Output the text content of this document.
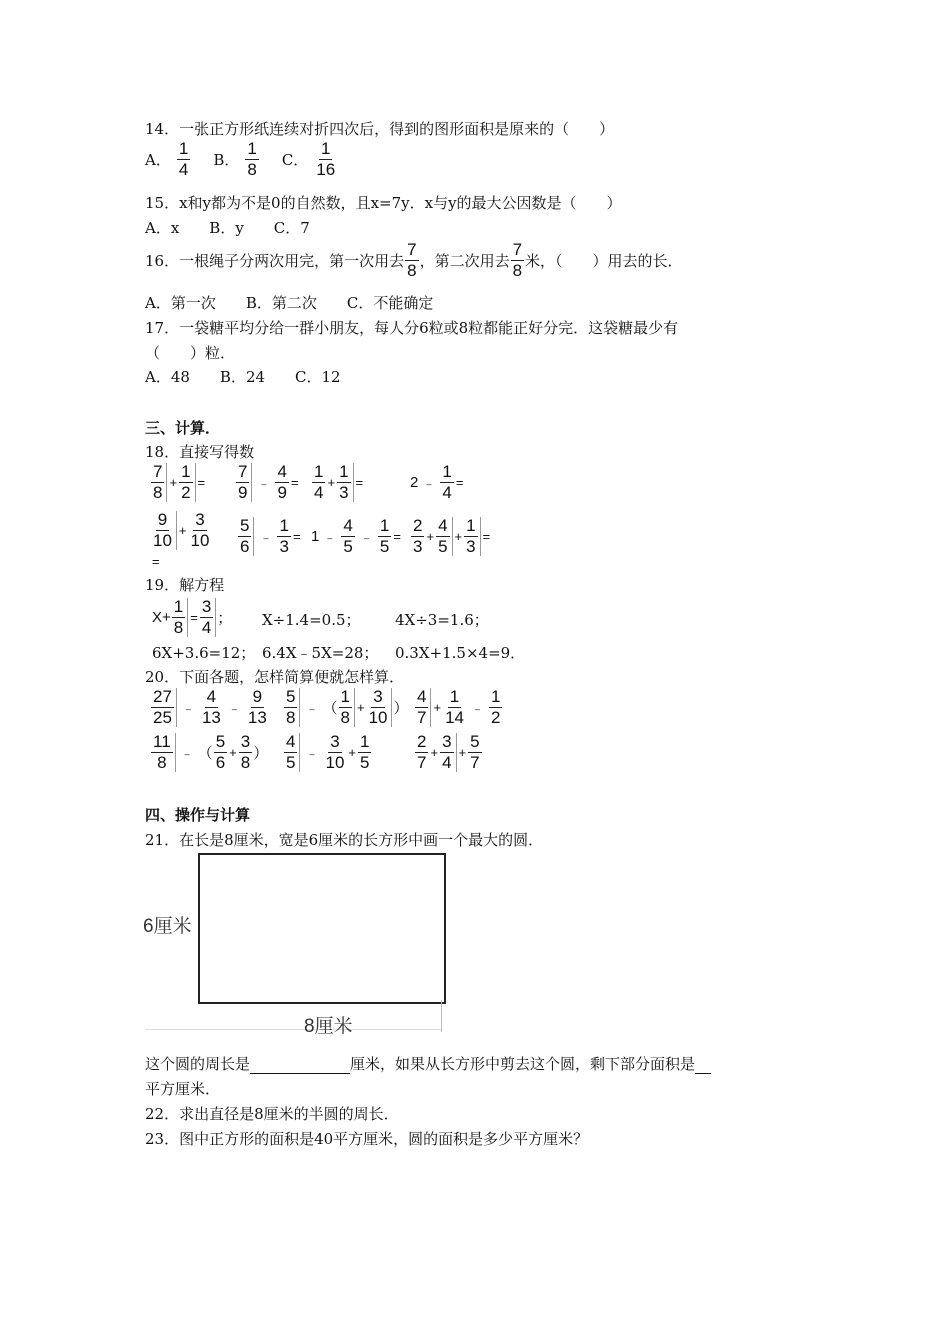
14．一张正方形纸连续对折四次后，得到的图形面积是原来的（　　）
A． $\frac{1}{4}$ B． $\frac{1}{8}$ C． $\frac{1}{16}$
15．x和y都为不是0的自然数，且x=7y．x与y的最大公因数是（　　）
A．x　　B．y　　C．7
16．一根绳子分两次用完，第一次用去 $\frac{7}{8}$ ，第二次用去 $\frac{7}{8}$ 米，（　　）用去的长．
A．第一次　　B．第二次　　C．不能确定
17．一袋糖平均分给一群小朋友，每人分6粒或8粒都能正好分完．这袋糖最少有
（　　）粒．
A．48　　B．24　　C．12
三、计算．
18．直接写得数
$\frac{7}{8} + \frac{1}{2} = \frac{7}{9}$ ﹣ $\frac{4}{9} = \frac{1}{4} + \frac{1}{3}$ =	2 ﹣ $\frac{1}{4}$ =
$\frac{9}{10} + \frac{3}{10}$
=
$\frac{5}{6}$ ﹣ $\frac{1}{3} = 1$ ﹣ $\frac{4}{5}$ ﹣ $\frac{1}{5} = \frac{2}{3} + \frac{4}{5} + \frac{1}{3}$ =
19．解方程
$X+ \frac{1}{8} = \frac{3}{4}$ ； X÷1.4=0.5； 4X÷3=1.6；
6X+3.6=12； 6.4X﹣5X=28； 0.3X+1.5×4=9．
20．下面各题，怎样简算便就怎样算．
$\frac{27}{25}$ ﹣ $\frac{4}{13}$ ﹣ $\frac{9}{13} \frac{5}{8}$ ﹣ （ $\frac{1}{8} + \frac{3}{10}$ ） $\frac{4}{7} + \frac{1}{14}$ ﹣ $\frac{1}{2}$
$\frac{11}{8}$ ﹣ （ $\frac{5}{6} + \frac{3}{8}$ ） $\frac{4}{5}$ ﹣ $\frac{3}{10} + \frac{1}{5}$	$\frac{2}{7} + \frac{3}{4} + \frac{5}{7}$
四、操作与计算
21．在长是8厘米，宽是6厘米的长方形中画一个最大的圆．
6厘米
8厘米
这个圆的周长是	厘米，如果从长方形中剪去这个圆，剩下部分面积是
平方厘米．
22．求出直径是8厘米的半圆的周长．
23．图中正方形的面积是40平方厘米，圆的面积是多少平方厘米？
